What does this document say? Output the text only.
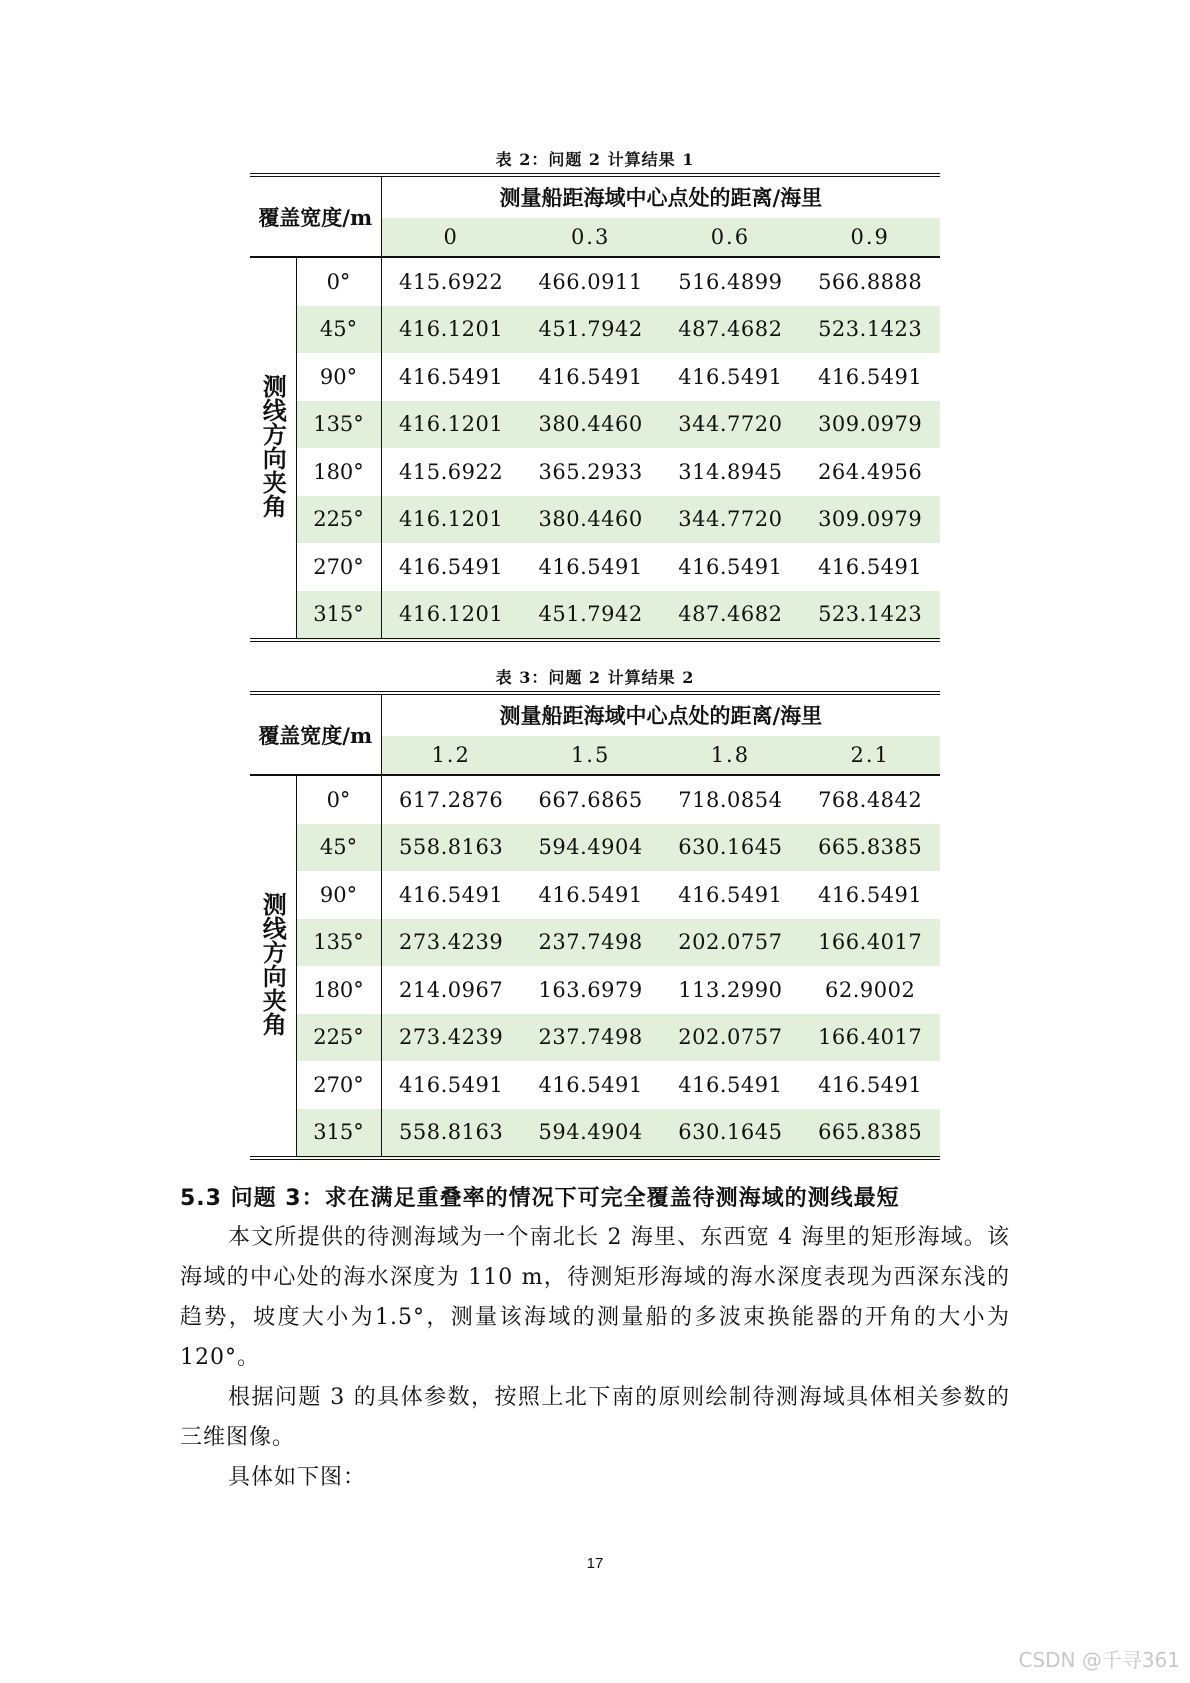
表 2：问题 2 计算结果 1
覆盖宽度/m		测量船距海域中心点处的距离/海里			
		0	0.3	0.6	0.9
测线方向夹角	0°	415.6922	466.0911	516.4899	566.8888
	45°	416.1201	451.7942	487.4682	523.1423
	90°	416.5491	416.5491	416.5491	416.5491
	135°	416.1201	380.4460	344.7720	309.0979
	180°	415.6922	365.2933	314.8945	264.4956
	225°	416.1201	380.4460	344.7720	309.0979
	270°	416.5491	416.5491	416.5491	416.5491
	315°	416.1201	451.7942	487.4682	523.1423
表 3：问题 2 计算结果 2
覆盖宽度/m		测量船距海域中心点处的距离/海里			
		1.2	1.5	1.8	2.1
测线方向夹角	0°	617.2876	667.6865	718.0854	768.4842
	45°	558.8163	594.4904	630.1645	665.8385
	90°	416.5491	416.5491	416.5491	416.5491
	135°	273.4239	237.7498	202.0757	166.4017
	180°	214.0967	163.6979	113.2990	62.9002
	225°	273.4239	237.7498	202.0757	166.4017
	270°	416.5491	416.5491	416.5491	416.5491
	315°	558.8163	594.4904	630.1645	665.8385
5.3 问题 3：求在满足重叠率的情况下可完全覆盖待测海域的测线最短
本文所提供的待测海域为一个南北长 2 海里、东西宽 4 海里的矩形海域。该海域的中心处的海水深度为 110 m，待测矩形海域的海水深度表现为西深东浅的趋势，坡度大小为1.5°，测量该海域的测量船的多波束换能器的开角的大小为120°。
根据问题 3 的具体参数，按照上北下南的原则绘制待测海域具体相关参数的三维图像。
具体如下图：
17
CSDN @千寻361
